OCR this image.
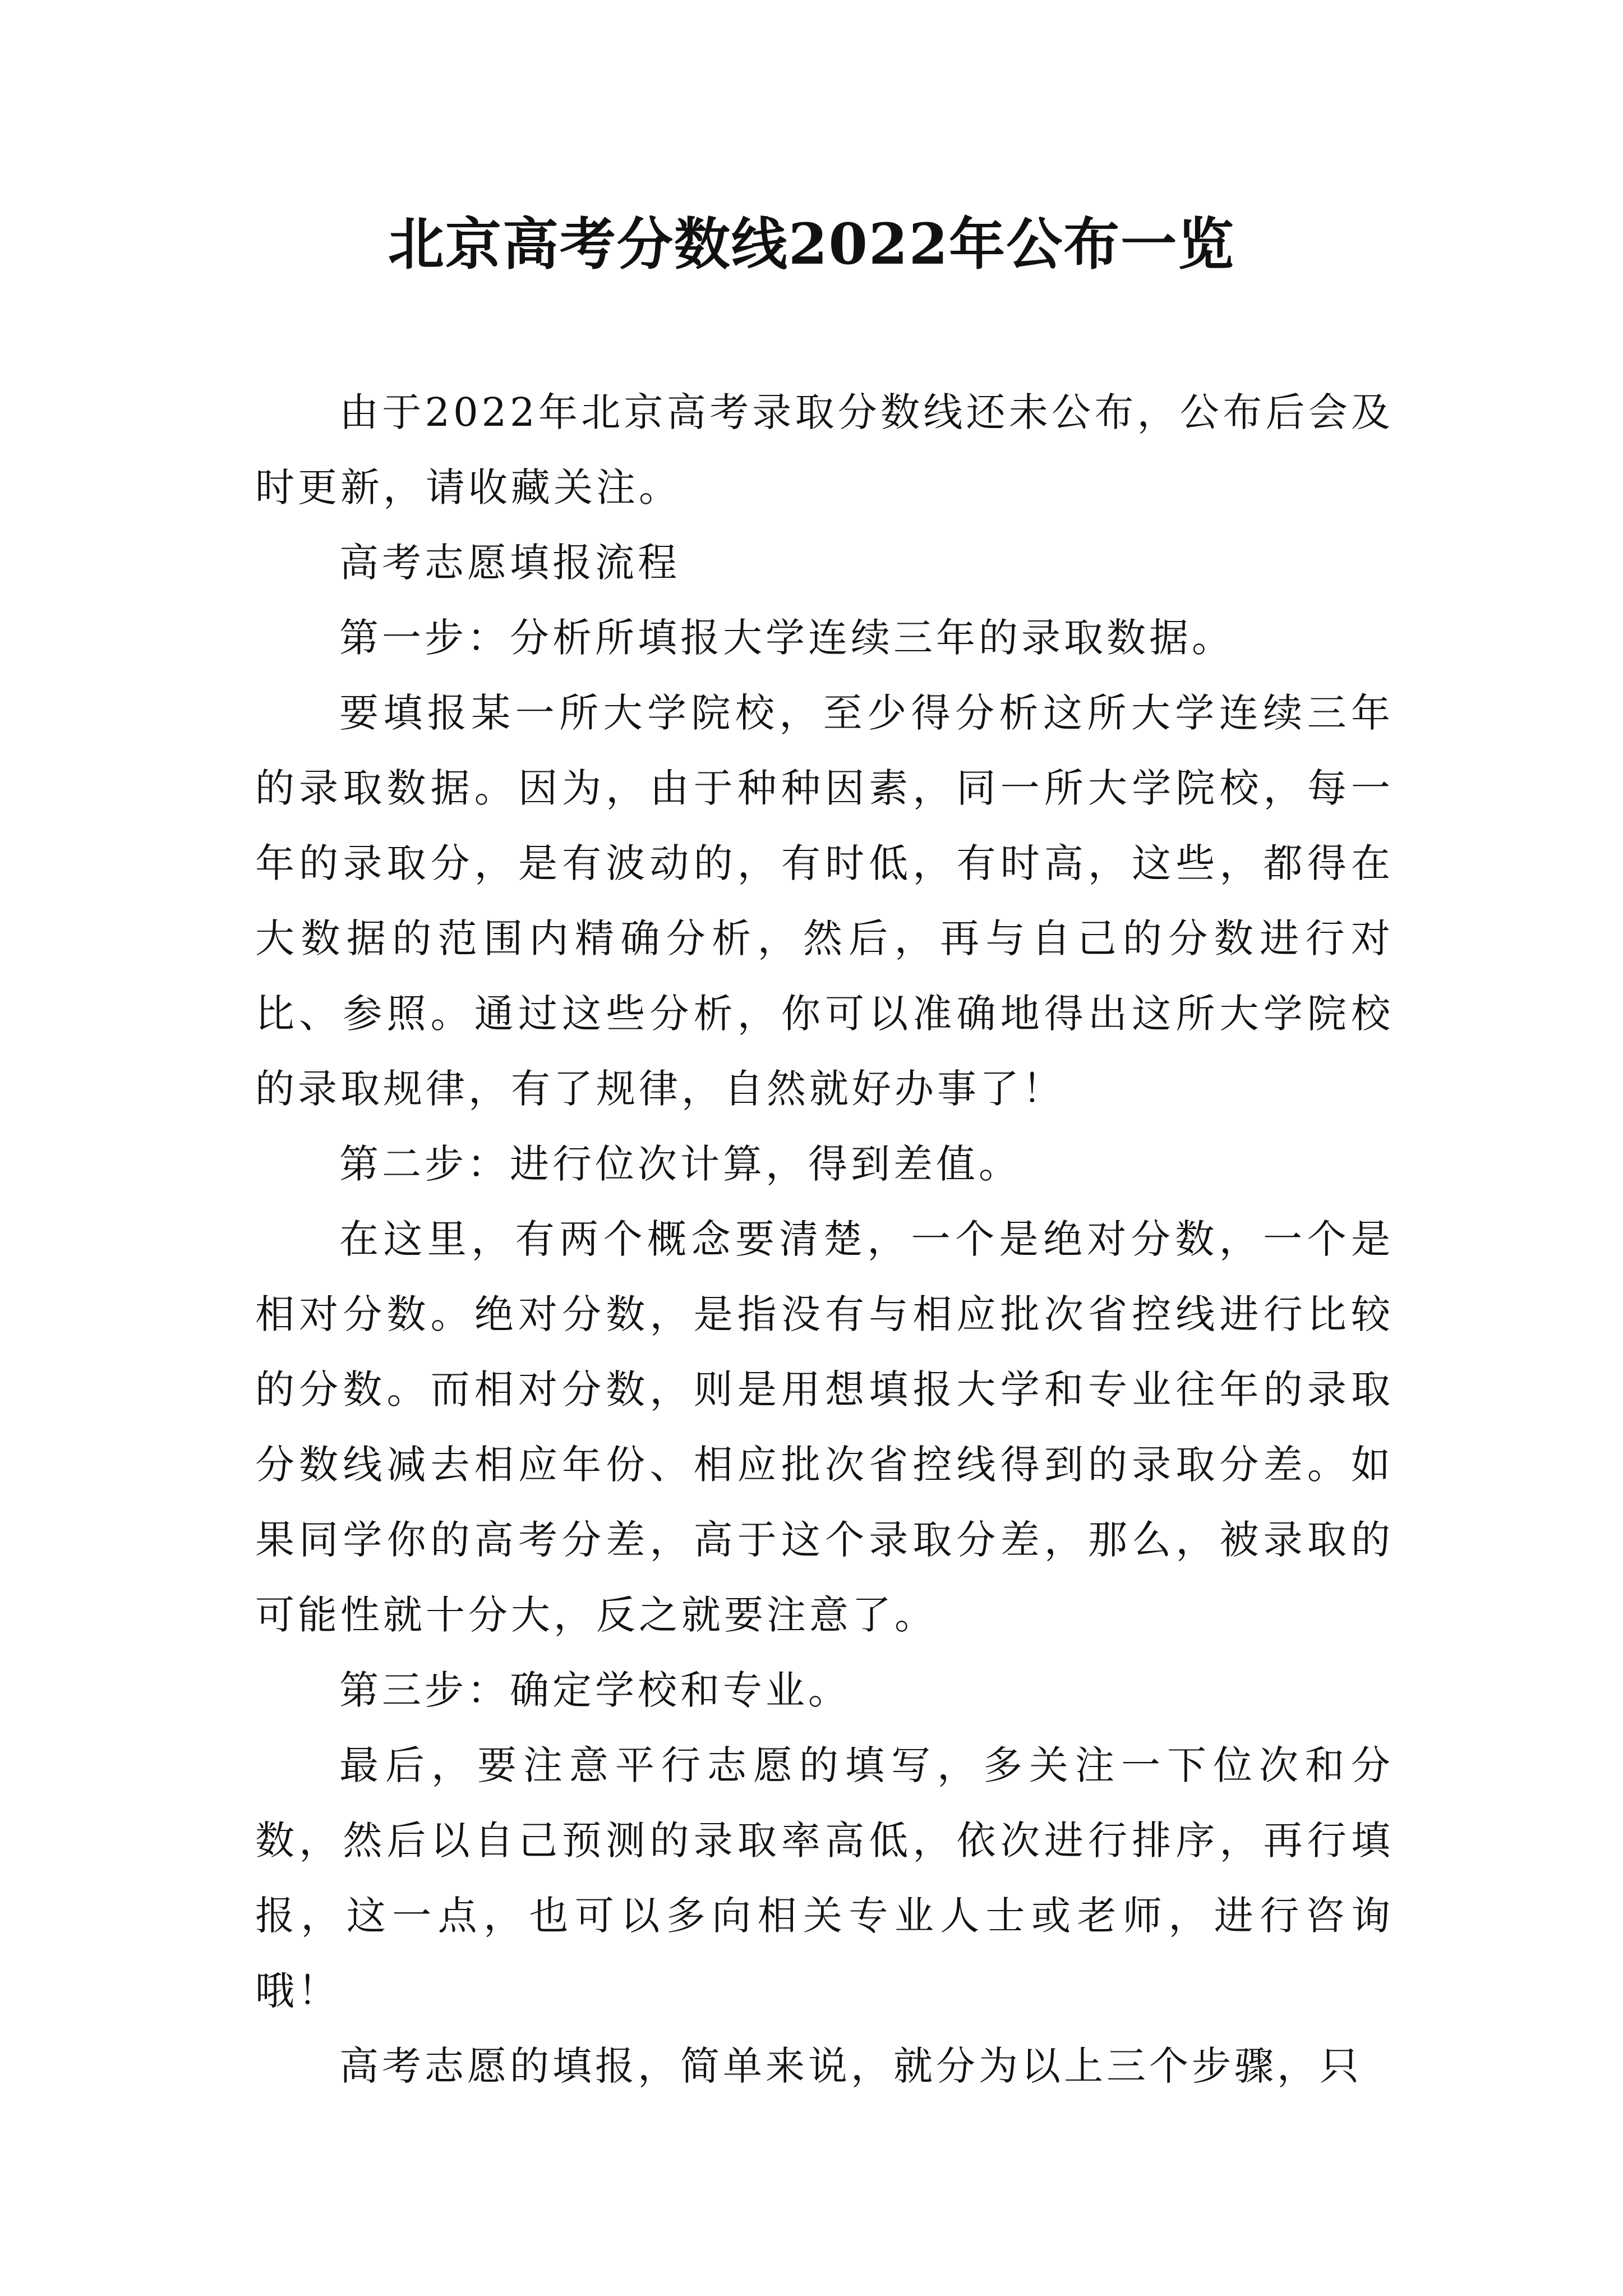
北京高考分数线2022年公布一览

由于2022年北京高考录取分数线还未公布，公布后会及时更新，请收藏关注。

高考志愿填报流程

第一步：分析所填报大学连续三年的录取数据。

要填报某一所大学院校，至少得分析这所大学连续三年的录取数据。因为，由于种种因素，同一所大学院校，每一年的录取分，是有波动的，有时低，有时高，这些，都得在大数据的范围内精确分析，然后，再与自己的分数进行对比、参照。通过这些分析，你可以准确地得出这所大学院校的录取规律，有了规律，自然就好办事了！

第二步：进行位次计算，得到差值。

在这里，有两个概念要清楚，一个是绝对分数，一个是相对分数。绝对分数，是指没有与相应批次省控线进行比较的分数。而相对分数，则是用想填报大学和专业往年的录取分数线减去相应年份、相应批次省控线得到的录取分差。如果同学你的高考分差，高于这个录取分差，那么，被录取的可能性就十分大，反之就要注意了。

第三步：确定学校和专业。

最后，要注意平行志愿的填写，多关注一下位次和分数，然后以自己预测的录取率高低，依次进行排序，再行填报，这一点，也可以多向相关专业人士或老师，进行咨询哦！

高考志愿的填报，简单来说，就分为以上三个步骤，只
